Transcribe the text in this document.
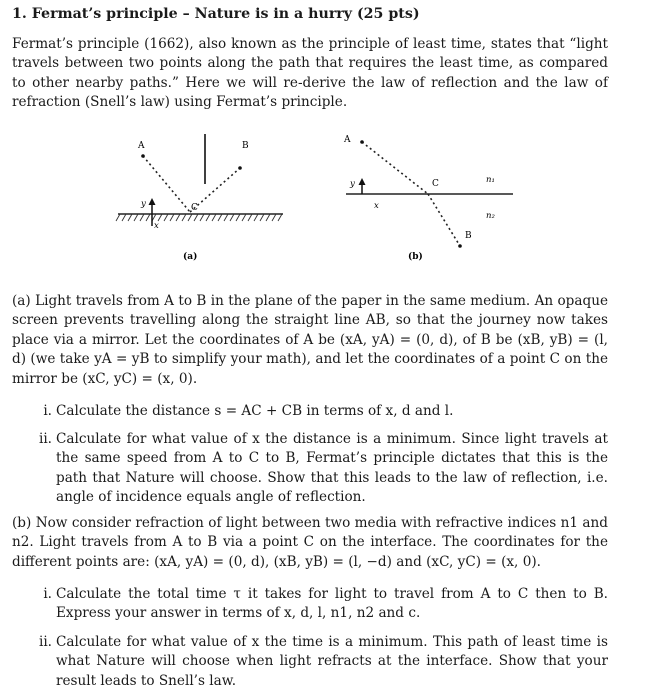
1. Fermat’s principle – Nature is in a hurry (25 pts)

Fermat’s principle (1662), also known as the principle of least time, states that “light travels between two points along the path that requires the least time, as compared to other nearby paths.” Here we will re-derive the law of reflection and the law of refraction (Snell’s law) using Fermat’s principle.

A	B
C
y
x
(a)
A
B
C
y
x
n₁
n₂
(b)

(a) Light travels from A to B in the plane of the paper in the same medium. An opaque screen prevents travelling along the straight line AB, so that the journey now takes place via a mirror. Let the coordinates of A be (xA, yA) = (0, d), of B be (xB, yB) = (l, d) (we take yA = yB to simplify your math), and let the coordinates of a point C on the mirror be (xC, yC) = (x, 0).

i. Calculate the distance s = AC + CB in terms of x, d and l.
ii. Calculate for what value of x the distance is a minimum. Since light travels at the same speed from A to C to B, Fermat’s principle dictates that this is the path that Nature will choose. Show that this leads to the law of reflection, i.e. angle of incidence equals angle of reflection.

(b) Now consider refraction of light between two media with refractive indices n1 and n2. Light travels from A to B via a point C on the interface. The coordinates for the different points are: (xA, yA) = (0, d), (xB, yB) = (l, −d) and (xC, yC) = (x, 0).

i. Calculate the total time τ it takes for light to travel from A to C then to B. Express your answer in terms of x, d, l, n1, n2 and c.
ii. Calculate for what value of x the time is a minimum. This path of least time is what Nature will choose when light refracts at the interface. Show that your result leads to Snell’s law.
